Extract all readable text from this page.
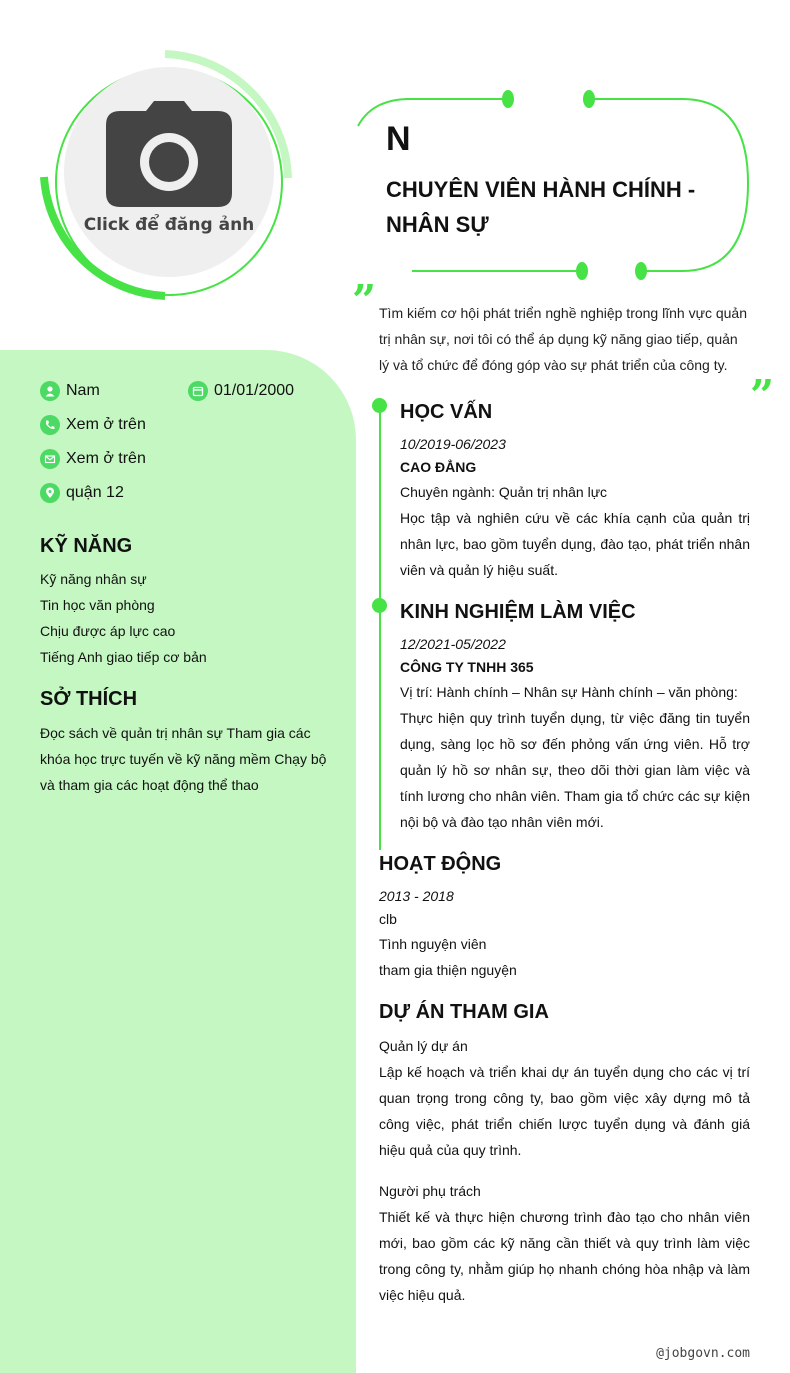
Click để đăng ảnh
N
CHUYÊN VIÊN HÀNH CHÍNH - NHÂN SỰ
” Tìm kiếm cơ hội phát triển nghề nghiệp trong lĩnh vực quản trị nhân sự, nơi tôi có thể áp dụng kỹ năng giao tiếp, quản lý và tổ chức để đóng góp vào sự phát triển của công ty.
”
Nam	01/01/2000
Xem ở trên
Xem ở trên
quận 12
KỸ NĂNG
Kỹ năng nhân sự
Tin học văn phòng
Chịu được áp lực cao
Tiếng Anh giao tiếp cơ bản
SỞ THÍCH
Đọc sách về quản trị nhân sự Tham gia các khóa học trực tuyến về kỹ năng mềm Chạy bộ và tham gia các hoạt động thể thao
HỌC VẤN
10/2019-06/2023
CAO ĐẲNG
Chuyên ngành: Quản trị nhân lực
Học tập và nghiên cứu về các khía cạnh của quản trị nhân lực, bao gồm tuyển dụng, đào tạo, phát triển nhân viên và quản lý hiệu suất.
KINH NGHIỆM LÀM VIỆC
12/2021-05/2022
CÔNG TY TNHH 365
Vị trí: Hành chính – Nhân sự Hành chính – văn phòng:
Thực hiện quy trình tuyển dụng, từ việc đăng tin tuyển dụng, sàng lọc hồ sơ đến phỏng vấn ứng viên. Hỗ trợ quản lý hồ sơ nhân sự, theo dõi thời gian làm việc và tính lương cho nhân viên. Tham gia tổ chức các sự kiện nội bộ và đào tạo nhân viên mới.
HOẠT ĐỘNG
2013 - 2018
clb
Tình nguyện viên
tham gia thiện nguyện
DỰ ÁN THAM GIA
Quản lý dự án
Lập kế hoạch và triển khai dự án tuyển dụng cho các vị trí quan trọng trong công ty, bao gồm việc xây dựng mô tả công việc, phát triển chiến lược tuyển dụng và đánh giá hiệu quả của quy trình.
Người phụ trách
Thiết kế và thực hiện chương trình đào tạo cho nhân viên mới, bao gồm các kỹ năng cần thiết và quy trình làm việc trong công ty, nhằm giúp họ nhanh chóng hòa nhập và làm việc hiệu quả.
@jobgovn.com
